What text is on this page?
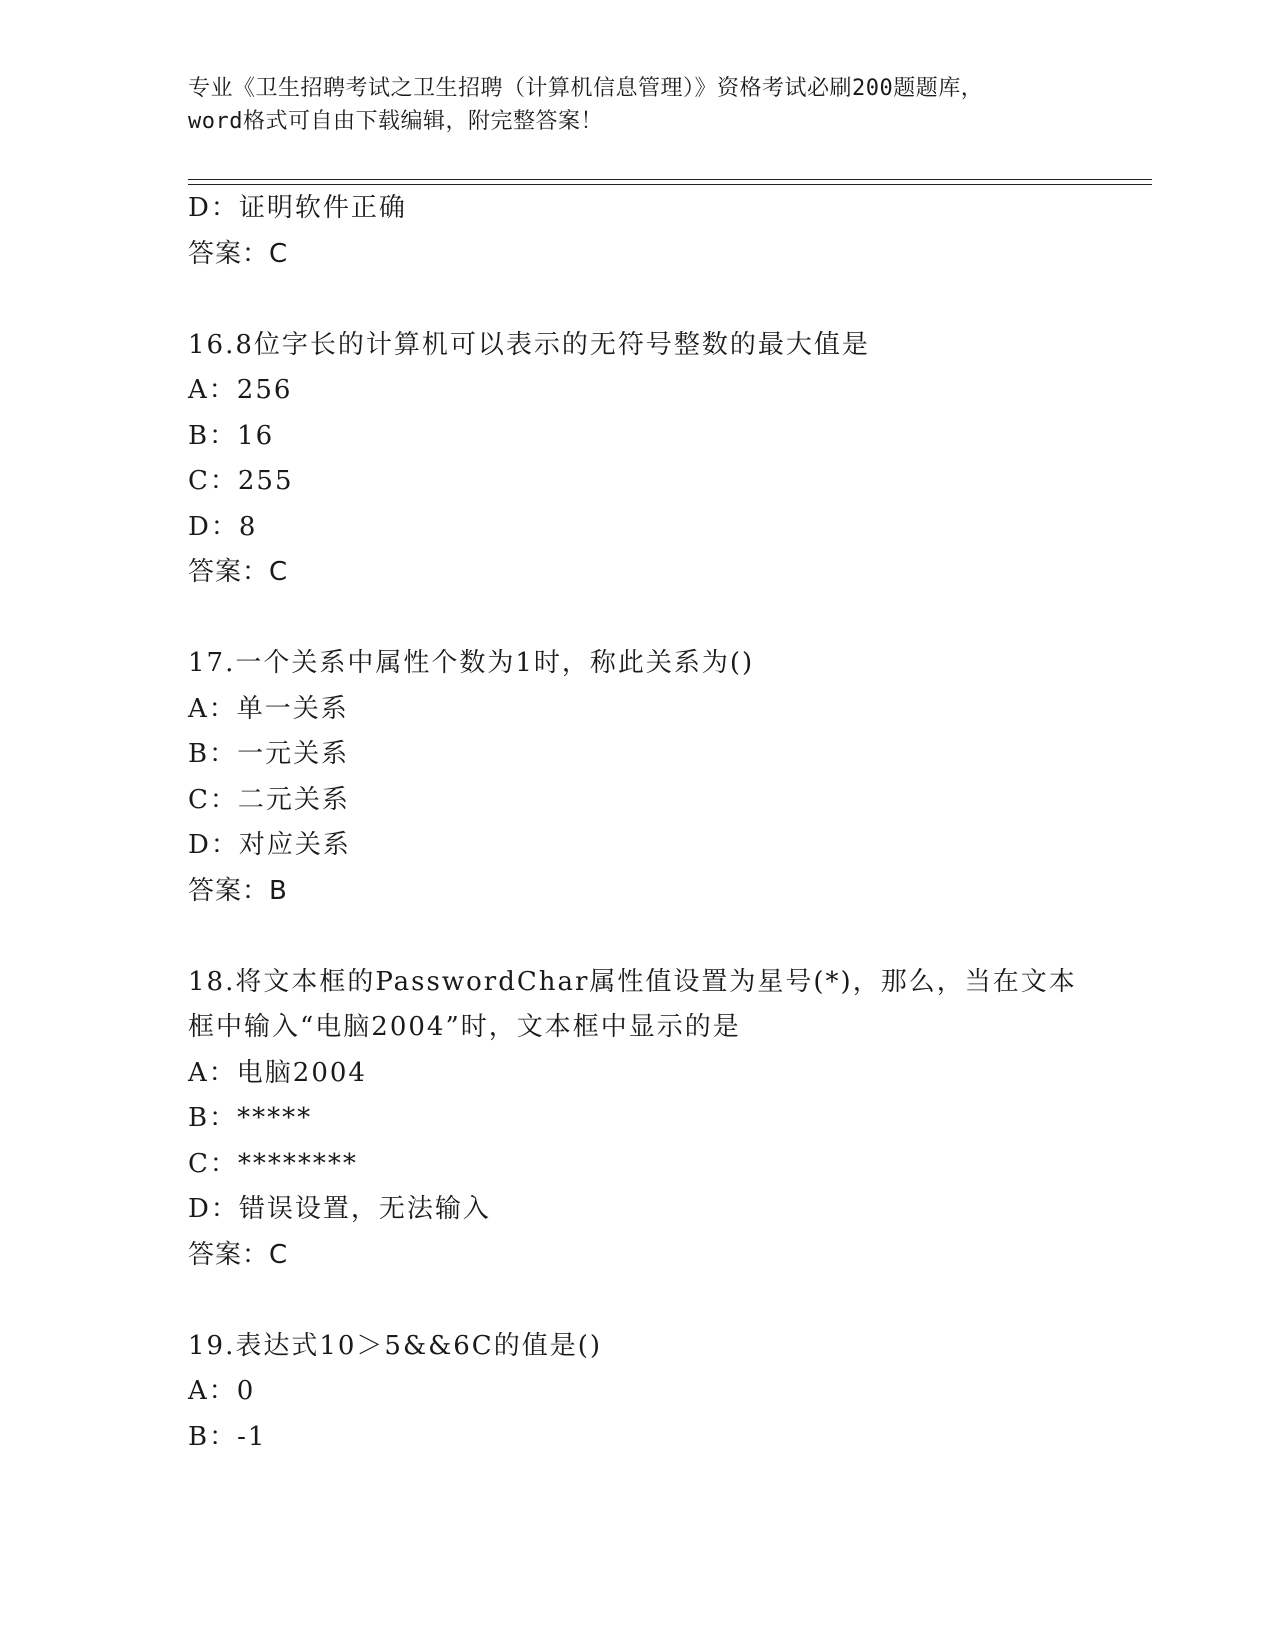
专业《卫生招聘考试之卫生招聘（计算机信息管理）》资格考试必刷200题题库，
word格式可自由下载编辑，附完整答案！
D：证明软件正确
答案：C
16.8位字长的计算机可以表示的无符号整数的最大值是
A：256
B：16
C：255
D：8
答案：C
17.一个关系中属性个数为1时，称此关系为()
A：单一关系
B：一元关系
C：二元关系
D：对应关系
答案：B
18.将文本框的PasswordChar属性值设置为星号(*)，那么，当在文本
框中输入“电脑2004”时，文本框中显示的是
A：电脑2004
B：*****
C：********
D：错误设置，无法输入
答案：C
19.表达式10＞5&&6C的值是()
A：0
B：-1
